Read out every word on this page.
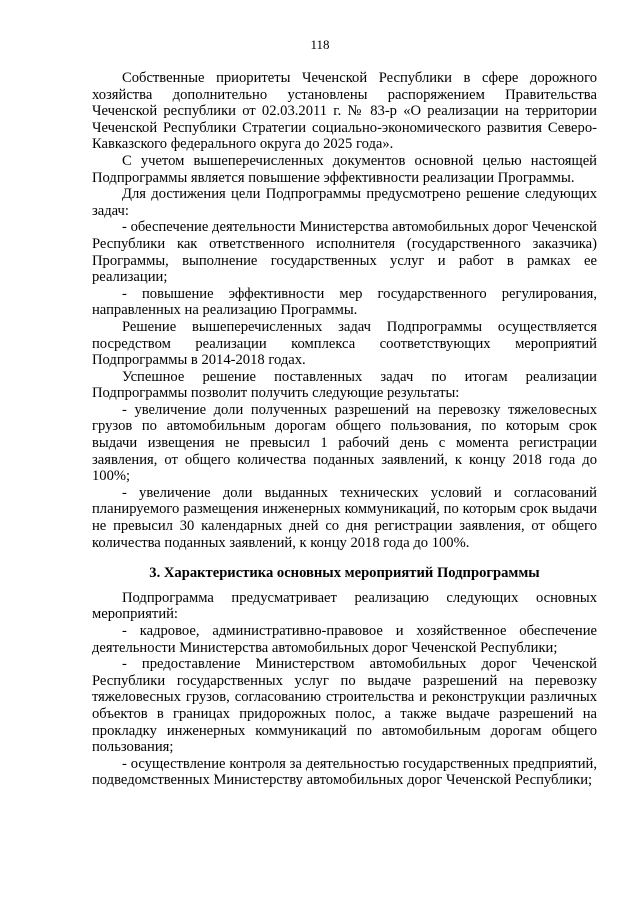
118

Собственные приоритеты Чеченской Республики в сфере дорожного хозяйства дополнительно установлены распоряжением Правительства Чеченской республики от 02.03.2011 г. № 83-р «О реализации на территории Чеченской Республики Стратегии социально-экономического развития Северо-Кавказского федерального округа до 2025 года».

С учетом вышеперечисленных документов основной целью настоящей Подпрограммы является повышение эффективности реализации Программы.

Для достижения цели Подпрограммы предусмотрено решение следующих задач:

- обеспечение деятельности Министерства автомобильных дорог Чеченской Республики как ответственного исполнителя (государственного заказчика) Программы, выполнение государственных услуг и работ в рамках ее реализации;

- повышение эффективности мер государственного регулирования, направленных на реализацию Программы.

Решение вышеперечисленных задач Подпрограммы осуществляется посредством реализации комплекса соответствующих мероприятий Подпрограммы в 2014-2018 годах.

Успешное решение поставленных задач по итогам реализации Подпрограммы позволит получить следующие результаты:

- увеличение доли полученных разрешений на перевозку тяжеловесных грузов по автомобильным дорогам общего пользования, по которым срок выдачи извещения не превысил 1 рабочий день с момента регистрации заявления, от общего количества поданных заявлений, к концу 2018 года до 100%;

- увеличение доли выданных технических условий и согласований планируемого размещения инженерных коммуникаций, по которым срок выдачи не превысил 30 календарных дней со дня регистрации заявления, от общего количества поданных заявлений, к концу 2018 года до 100%.

3. Характеристика основных мероприятий Подпрограммы

Подпрограмма предусматривает реализацию следующих основных мероприятий:

- кадровое, административно-правовое и хозяйственное обеспечение деятельности Министерства автомобильных дорог Чеченской Республики;

- предоставление Министерством автомобильных дорог Чеченской Республики государственных услуг по выдаче разрешений на перевозку тяжеловесных грузов, согласованию строительства и реконструкции различных объектов в границах придорожных полос, а также выдаче разрешений на прокладку инженерных коммуникаций по автомобильным дорогам общего пользования;

- осуществление контроля за деятельностью государственных предприятий, подведомственных Министерству автомобильных дорог Чеченской Республики;
